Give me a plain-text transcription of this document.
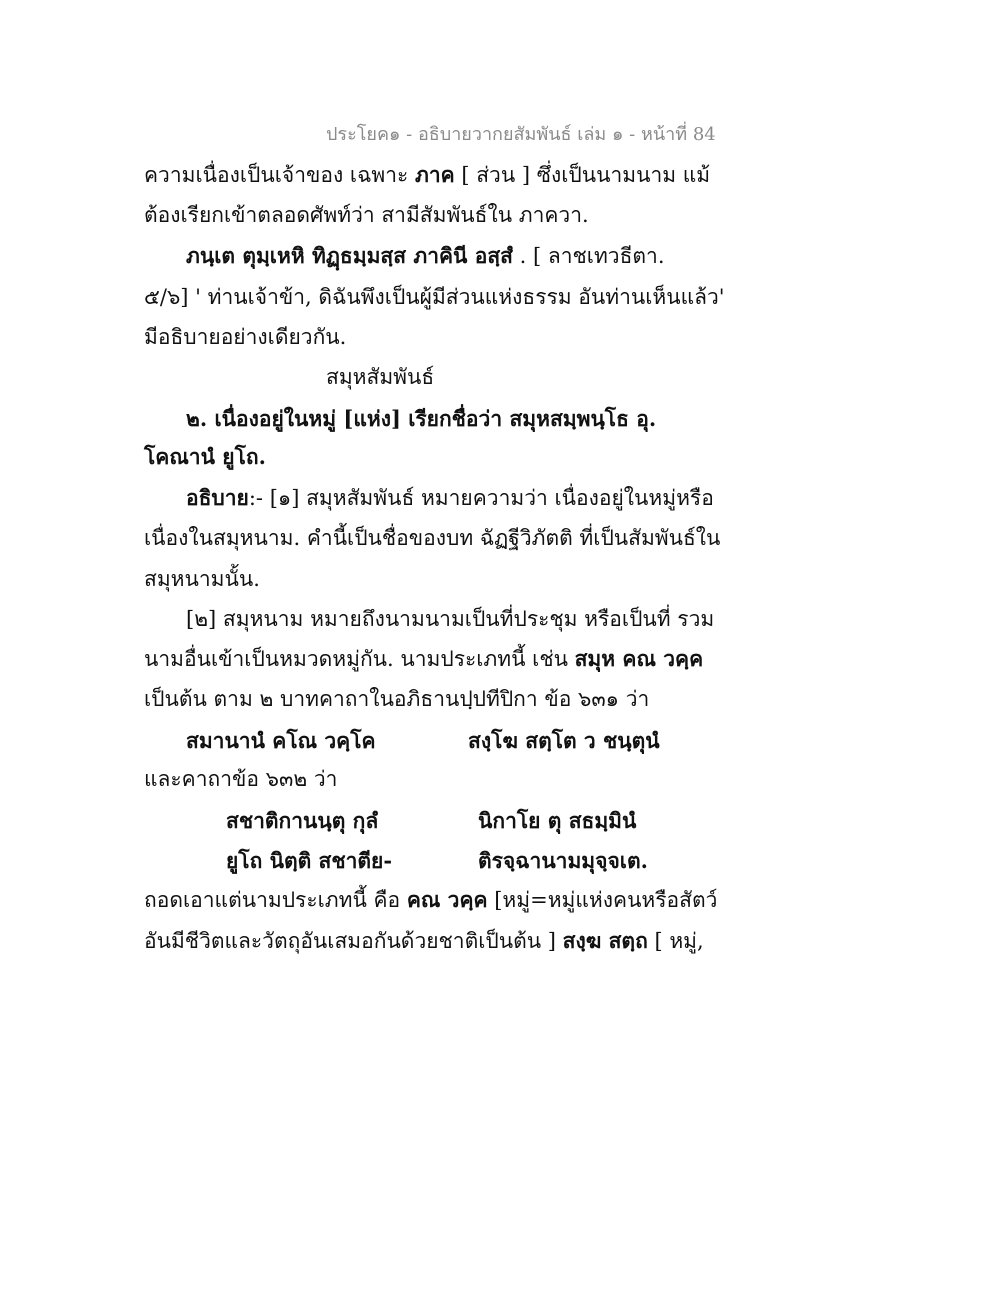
ประโยค๑ - อธิบายวากยสัมพันธ์ เล่ม ๑ - หน้าที่ 84
ความเนื่องเป็นเจ้าของ เฉพาะ ภาค [ ส่วน ] ซึ่งเป็นนามนาม แม้
ต้องเรียกเข้าตลอดศัพท์ว่า สามีสัมพันธ์ใน ภาควา.
ภนฺเต ตุมฺเหหิ ทิฏฺธมฺมสฺส ภาคินี อสฺสํ . [ ลาชเทวธีตา.
๕/๖] ' ท่านเจ้าข้า, ดิฉันพึงเป็นผู้มีส่วนแห่งธรรม อันท่านเห็นแล้ว'
มีอธิบายอย่างเดียวกัน.
สมุหสัมพันธ์
๒. เนื่องอยู่ในหมู่ [แห่ง] เรียกชื่อว่า สมุหสมฺพนฺโธ อุ.
โคณานํ ยูโถ.
อธิบาย:- [๑] สมุหสัมพันธ์ หมายความว่า เนื่องอยู่ในหมู่หรือ
เนื่องในสมุหนาม. คำนี้เป็นชื่อของบท ฉัฏฐีวิภัตติ ที่เป็นสัมพันธ์ใน
สมุหนามนั้น.
[๒] สมุหนาม หมายถึงนามนามเป็นที่ประชุม หรือเป็นที่ รวม
นามอื่นเข้าเป็นหมวดหมู่กัน. นามประเภทนี้ เช่น สมุห คณ วคฺค
เป็นต้น ตาม ๒ บาทคาถาในอภิธานปฺปทีปิกา ข้อ ๖๓๑ ว่า
สมานานํ คโณ วคฺโค	สงฺโฆ สตฺโต ว ชนฺตุนํ
และคาถาข้อ ๖๓๒ ว่า
สชาติกานนฺตุ กุลํ	นิกาโย ตุ สธมฺมินํ
ยูโถ นิตฺติ สชาตีย-	ติรจฺฉานามมุจฺจเต.
ถอดเอาแต่นามประเภทนี้ คือ คณ วคฺค [หมู่=หมู่แห่งคนหรือสัตว์
อันมีชีวิตและวัตถุอันเสมอกันด้วยชาติเป็นต้น ] สงฺฆ สตฺถ [ หมู่,
